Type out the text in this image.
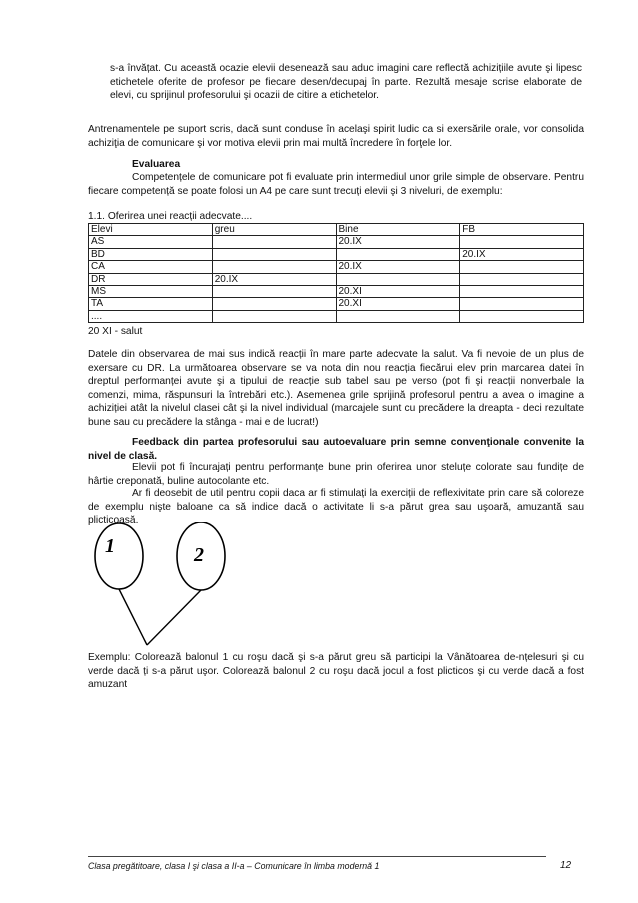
s-a învățat. Cu această ocazie elevii desenează sau aduc imagini care reflectă achizițiile avute şi lipesc etichetele oferite de profesor pe fiecare desen/decupaj în parte. Rezultă mesaje scrise elaborate de elevi, cu sprijinul profesorului şi ocazii de citire a etichetelor.

Antrenamentele pe suport scris, dacă sunt conduse în acelaşi spirit ludic ca si exersările orale, vor consolida achiziţia de comunicare şi vor motiva elevii prin mai multă încredere în forţele lor.

Evaluarea

Competențele de comunicare pot fi evaluate prin intermediul unor grile simple de observare. Pentru fiecare competență se poate folosi un A4 pe care sunt trecuți elevii şi 3 niveluri, de exemplu:

1.1. Oferirea unei reacții adecvate....

Elevi	greu	Bine	FB
AS		20.IX	
BD			20.IX
CA		20.IX	
DR	20.IX		
MS		20.XI	
TA		20.XI	
....			

20 XI - salut

Datele din observarea de mai sus indică reacții în mare parte adecvate la salut. Va fi nevoie de un plus de exersare cu DR. La următoarea observare se va nota din nou reacția fiecărui elev prin marcarea datei în dreptul performanței avute şi a tipului de reacție sub tabel sau pe verso (pot fi şi reacții nonverbale la comenzi, mima, răspunsuri la întrebări etc.). Asemenea grile sprijină profesorul pentru a avea o imagine a achiziției atât la nivelul clasei cât şi la nivel individual (marcajele sunt cu precădere la dreapta - deci rezultate bune sau cu precădere la stânga - mai e de lucrat!)

Feedback din partea profesorului sau autoevaluare prin semne convenţionale convenite la nivel de clasă.

Elevii pot fi încurajați pentru performanțe bune prin oferirea unor steluțe colorate sau fundițe de hârtie creponată, buline autocolante etc.

Ar fi deosebit de util pentru copii daca ar fi stimulați la exerciții de reflexivitate prin care să coloreze de exemplu nişte baloane ca să indice dacă o activitate li s-a părut grea sau uşoară, amuzantă sau plicticoasă.

1	2

Exemplu: Colorează balonul 1 cu roşu dacă şi s-a părut greu să participi la Vânătoarea de-nțelesuri şi cu verde dacă ți s-a părut uşor. Colorează balonul 2 cu roşu dacă jocul a fost plicticos şi cu verde dacă a fost amuzant

Clasa pregătitoare, clasa I şi clasa a II-a – Comunicare în limba modernă 1	12
